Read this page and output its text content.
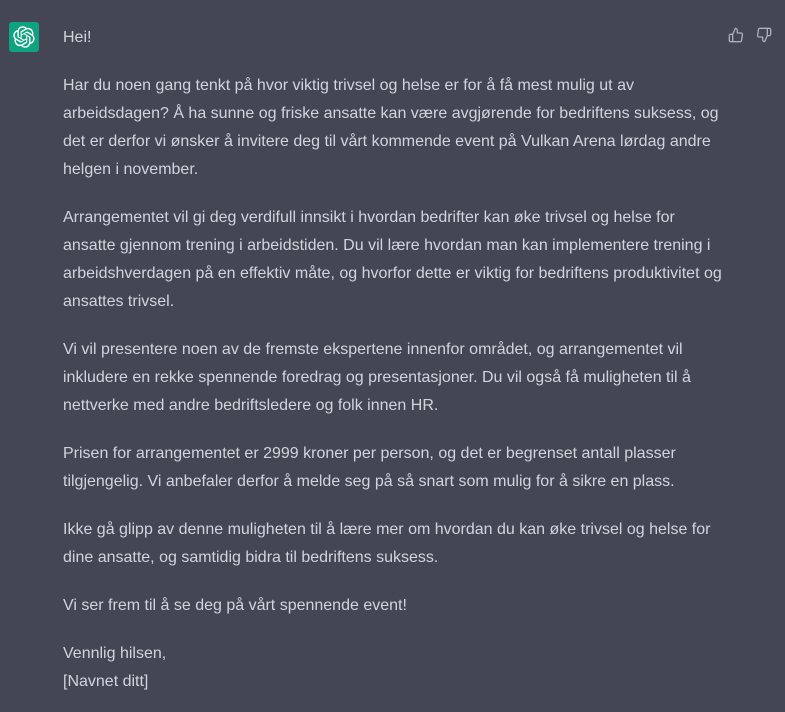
Hei!

Har du noen gang tenkt på hvor viktig trivsel og helse er for å få mest mulig ut av arbeidsdagen? Å ha sunne og friske ansatte kan være avgjørende for bedriftens suksess, og det er derfor vi ønsker å invitere deg til vårt kommende event på Vulkan Arena lørdag andre helgen i november.

Arrangementet vil gi deg verdifull innsikt i hvordan bedrifter kan øke trivsel og helse for ansatte gjennom trening i arbeidstiden. Du vil lære hvordan man kan implementere trening i arbeidshverdagen på en effektiv måte, og hvorfor dette er viktig for bedriftens produktivitet og ansattes trivsel.

Vi vil presentere noen av de fremste ekspertene innenfor området, og arrangementet vil inkludere en rekke spennende foredrag og presentasjoner. Du vil også få muligheten til å nettverke med andre bedriftsledere og folk innen HR.

Prisen for arrangementet er 2999 kroner per person, og det er begrenset antall plasser tilgjengelig. Vi anbefaler derfor å melde seg på så snart som mulig for å sikre en plass.

Ikke gå glipp av denne muligheten til å lære mer om hvordan du kan øke trivsel og helse for dine ansatte, og samtidig bidra til bedriftens suksess.

Vi ser frem til å se deg på vårt spennende event!

Vennlig hilsen,
[Navnet ditt]
